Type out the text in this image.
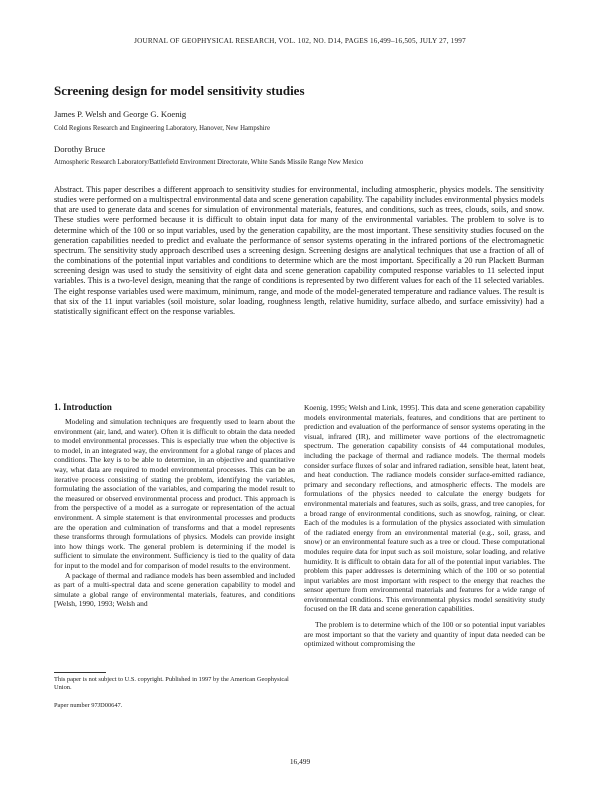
JOURNAL OF GEOPHYSICAL RESEARCH, VOL. 102, NO. D14, PAGES 16,499–16,505, JULY 27, 1997
Screening design for model sensitivity studies
James P. Welsh and George G. Koenig
Cold Regions Research and Engineering Laboratory, Hanover, New Hampshire
Dorothy Bruce
Atmospheric Research Laboratory/Battlefield Environment Directorate, White Sands Missile Range New Mexico
Abstract. This paper describes a different approach to sensitivity studies for environmental, including atmospheric, physics models. The sensitivity studies were performed on a multispectral environmental data and scene generation capability. The capability includes environmental physics models that are used to generate data and scenes for simulation of environmental materials, features, and conditions, such as trees, clouds, soils, and snow. These studies were performed because it is difficult to obtain input data for many of the environmental variables. The problem to solve is to determine which of the 100 or so input variables, used by the generation capability, are the most important. These sensitivity studies focused on the generation capabilities needed to predict and evaluate the performance of sensor systems operating in the infrared portions of the electromagnetic spectrum. The sensitivity study approach described uses a screening design. Screening designs are analytical techniques that use a fraction of all of the combinations of the potential input variables and conditions to determine which are the most important. Specifically a 20 run Plackett Burman screening design was used to study the sensitivity of eight data and scene generation capability computed response variables to 11 selected input variables. This is a two-level design, meaning that the range of conditions is represented by two different values for each of the 11 selected variables. The eight response variables used were maximum, minimum, range, and mode of the model-generated temperature and radiance values. The result is that six of the 11 input variables (soil moisture, solar loading, roughness length, relative humidity, surface albedo, and surface emissivity) had a statistically significant effect on the response variables.
1. Introduction

Modeling and simulation techniques are frequently used to learn about the environment (air, land, and water). Often it is difficult to obtain the data needed to model environmental processes. This is especially true when the objective is to model, in an integrated way, the environment for a global range of places and conditions. The key is to be able to determine, in an objective and quantitative way, what data are required to model environmental processes. This can be an iterative process consisting of stating the problem, identifying the variables, formulating the association of the variables, and comparing the model result to the measured or observed environmental process and product. This approach is from the perspective of a model as a surrogate or representation of the actual environment. A simple statement is that environmental processes and products are the operation and culmination of transforms and that a model represents these transforms through formulations of physics. Models can provide insight into how things work. The general problem is determining if the model is sufficient to simulate the environment. Sufficiency is tied to the quality of data for input to the model and for comparison of model results to the environment.

A package of thermal and radiance models has been assembled and included as part of a multi-spectral data and scene generation capability to model and simulate a global range of environmental materials, features, and conditions [Welsh, 1990, 1993; Welsh and

Koenig, 1995; Welsh and Link, 1995]. This data and scene generation capability models environmental materials, features, and conditions that are pertinent to prediction and evaluation of the performance of sensor systems operating in the visual, infrared (IR), and millimeter wave portions of the electromagnetic spectrum. The generation capability consists of 44 computational modules, including the package of thermal and radiance models. The thermal models consider surface fluxes of solar and infrared radiation, sensible heat, latent heat, and heat conduction. The radiance models consider surface-emitted radiance, primary and secondary reflections, and atmospheric effects. The models are formulations of the physics needed to calculate the energy budgets for environmental materials and features, such as soils, grass, and tree canopies, for a broad range of environmental conditions, such as snowfog, raining, or clear. Each of the modules is a formulation of the physics associated with simulation of the radiated energy from an environmental material (e.g., soil, grass, and snow) or an environmental feature such as a tree or cloud. These computational modules require data for input such as soil moisture, solar loading, and relative humidity. It is difficult to obtain data for all of the potential input variables. The problem this paper addresses is determining which of the 100 or so potential input variables are most important with respect to the energy that reaches the sensor aperture from environmental materials and features for a wide range of environmental conditions. This environmental physics model sensitivity study focused on the IR data and scene generation capabilities.

The problem is to determine which of the 100 or so potential input variables are most important so that the variety and quantity of input data needed can be optimized without compromising the

This paper is not subject to U.S. copyright. Published in 1997 by the American Geophysical Union.
Paper number 97JD00647.
16,499
